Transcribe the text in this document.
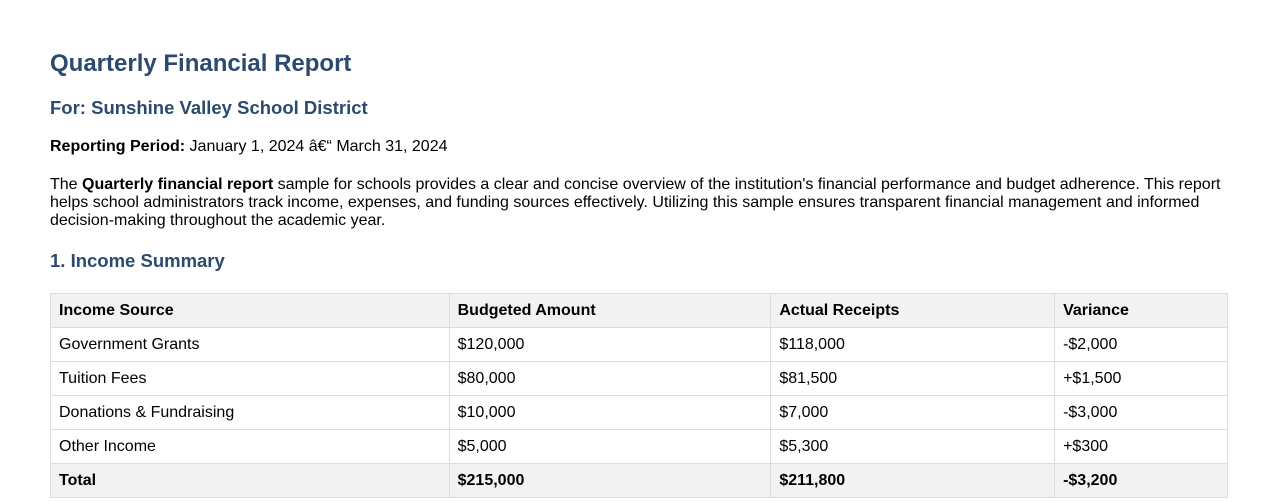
Quarterly Financial Report
For: Sunshine Valley School District

Reporting Period: January 1, 2024 â€“ March 31, 2024

The Quarterly financial report sample for schools provides a clear and concise overview of the institution's financial performance and budget adherence. This report helps school administrators track income, expenses, and funding sources effectively. Utilizing this sample ensures transparent financial management and informed decision-making throughout the academic year.

1. Income Summary
Income Source	Budgeted Amount	Actual Receipts	Variance
Government Grants	$120,000	$118,000	-$2,000
Tuition Fees	$80,000	$81,500	+$1,500
Donations & Fundraising	$10,000	$7,000	-$3,000
Other Income	$5,000	$5,300	+$300
Total	$215,000	$211,800	-$3,200
